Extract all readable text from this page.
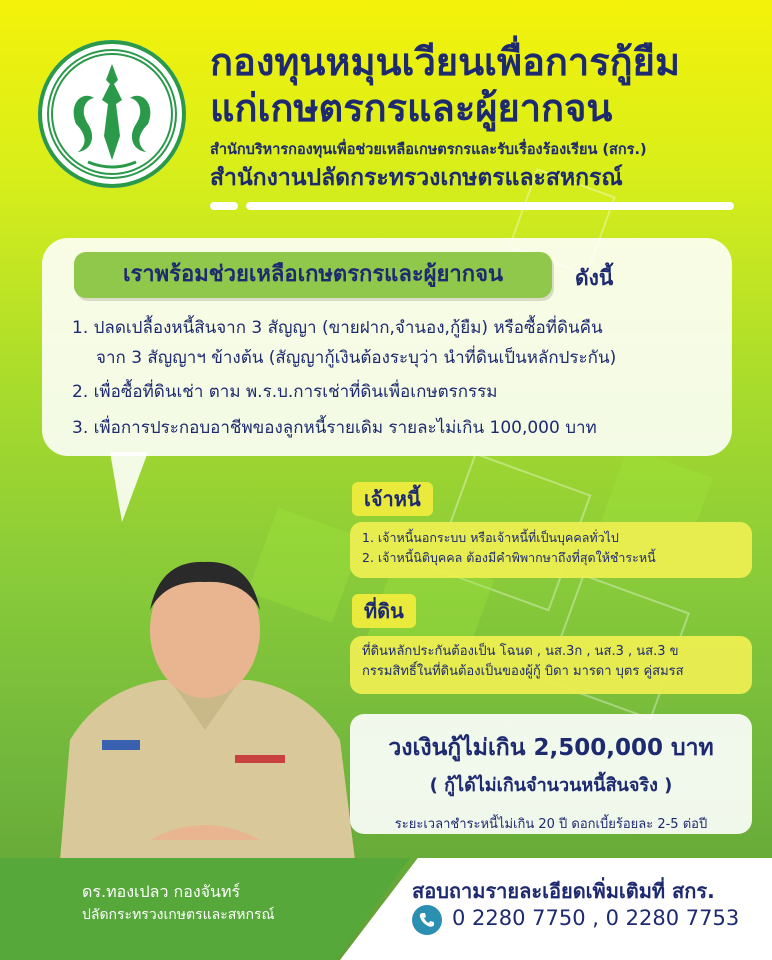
กองทุนหมุนเวียนเพื่อการกู้ยืม
แก่เกษตรกรและผู้ยากจน
สำนักบริหารกองทุนเพื่อช่วยเหลือเกษตรกรและรับเรื่องร้องเรียน (สกร.)
สำนักงานปลัดกระทรวงเกษตรและสหกรณ์
เราพร้อมช่วยเหลือเกษตรกรและผู้ยากจน	ดังนี้
1. ปลดเปลื้องหนี้สินจาก 3 สัญญา (ขายฝาก,จำนอง,กู้ยืม) หรือซื้อที่ดินคืน
จาก 3 สัญญาฯ ข้างต้น (สัญญากู้เงินต้องระบุว่า นำที่ดินเป็นหลักประกัน)
2. เพื่อซื้อที่ดินเช่า ตาม พ.ร.บ.การเช่าที่ดินเพื่อเกษตรกรรม
3. เพื่อการประกอบอาชีพของลูกหนี้รายเดิม รายละไม่เกิน 100,000 บาท
เจ้าหนี้
1. เจ้าหนี้นอกระบบ หรือเจ้าหนี้ที่เป็นบุคคลทั่วไป
2. เจ้าหนี้นิติบุคคล ต้องมีคำพิพากษาถึงที่สุดให้ชำระหนี้
ที่ดิน
ที่ดินหลักประกันต้องเป็น โฉนด , นส.3ก , นส.3 , นส.3 ข
กรรมสิทธิ์ในที่ดินต้องเป็นของผู้กู้ บิดา มารดา บุตร คู่สมรส
วงเงินกู้ไม่เกิน 2,500,000 บาท
( กู้ได้ไม่เกินจำนวนหนี้สินจริง )
ระยะเวลาชำระหนี้ไม่เกิน 20 ปี ดอกเบี้ยร้อยละ 2-5 ต่อปี
ดร.ทองเปลว กองจันทร์
ปลัดกระทรวงเกษตรและสหกรณ์
สอบถามรายละเอียดเพิ่มเติมที่ สกร.
0 2280 7750 , 0 2280 7753
